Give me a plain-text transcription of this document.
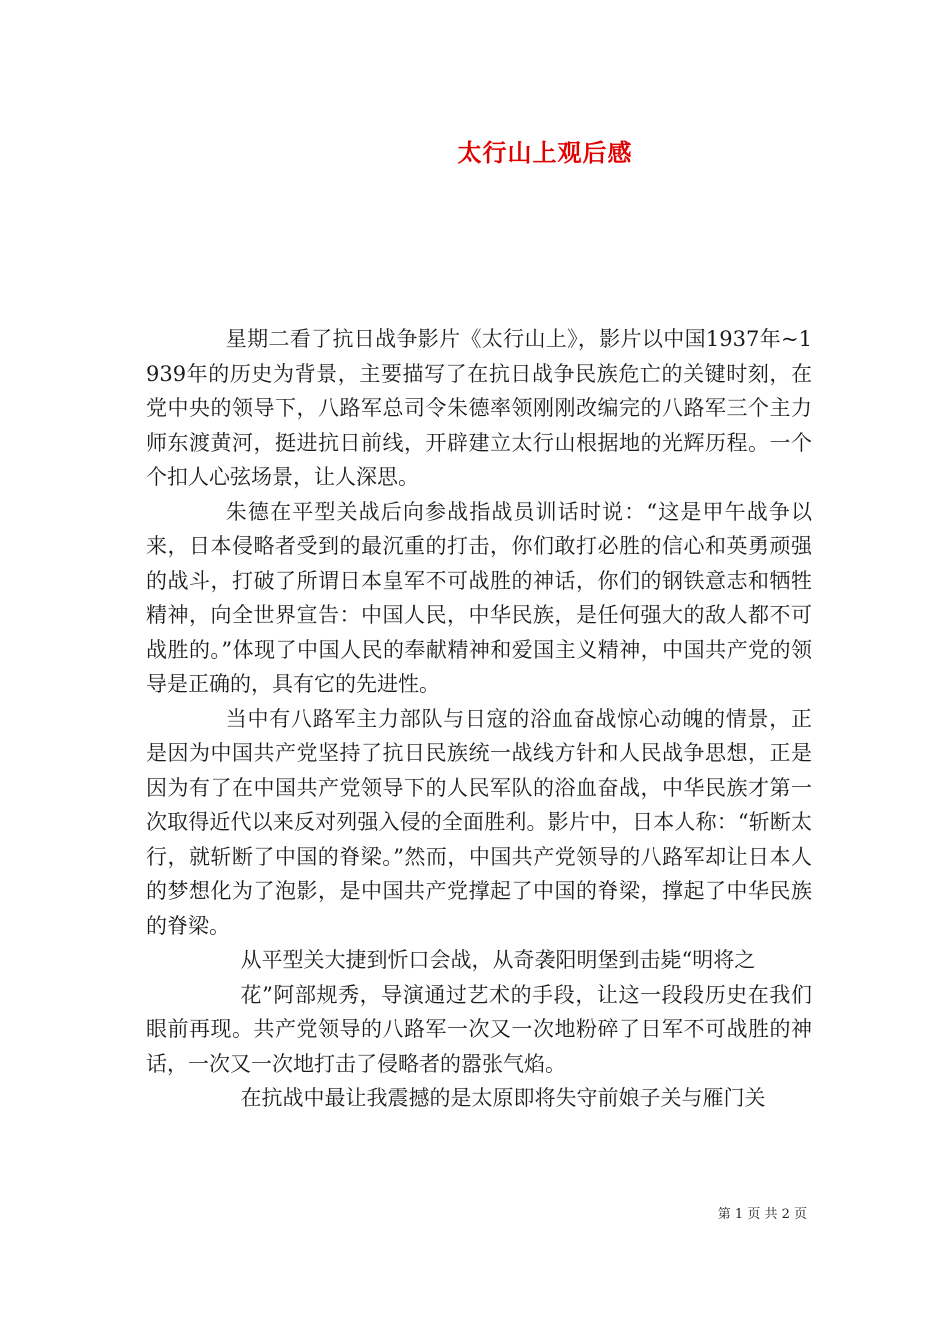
太行山上观后感

星期二看了抗日战争影片《太行山上》，影片以中国1937年~1939年的历史为背景，主要描写了在抗日战争民族危亡的关键时刻，在党中央的领导下，八路军总司令朱德率领刚刚改编完的八路军三个主力师东渡黄河，挺进抗日前线，开辟建立太行山根据地的光辉历程。一个个扣人心弦场景，让人深思。

朱德在平型关战后向参战指战员训话时说：“这是甲午战争以来，日本侵略者受到的最沉重的打击，你们敢打必胜的信心和英勇顽强的战斗，打破了所谓日本皇军不可战胜的神话，你们的钢铁意志和牺牲精神，向全世界宣告：中国人民，中华民族，是任何强大的敌人都不可战胜的。”体现了中国人民的奉献精神和爱国主义精神，中国共产党的领导是正确的，具有它的先进性。

当中有八路军主力部队与日寇的浴血奋战惊心动魄的情景，正是因为中国共产党坚持了抗日民族统一战线方针和人民战争思想，正是因为有了在中国共产党领导下的人民军队的浴血奋战，中华民族才第一次取得近代以来反对列强入侵的全面胜利。影片中，日本人称：“斩断太行，就斩断了中国的脊梁。”然而，中国共产党领导的八路军却让日本人的梦想化为了泡影，是中国共产党撑起了中国的脊梁，撑起了中华民族的脊梁。

从平型关大捷到忻口会战，从奇袭阳明堡到击毙“明将之

花”阿部规秀，导演通过艺术的手段，让这一段段历史在我们眼前再现。共产党领导的八路军一次又一次地粉碎了日军不可战胜的神话，一次又一次地打击了侵略者的嚣张气焰。

在抗战中最让我震撼的是太原即将失守前娘子关与雁门关

第 1 页 共 2 页
